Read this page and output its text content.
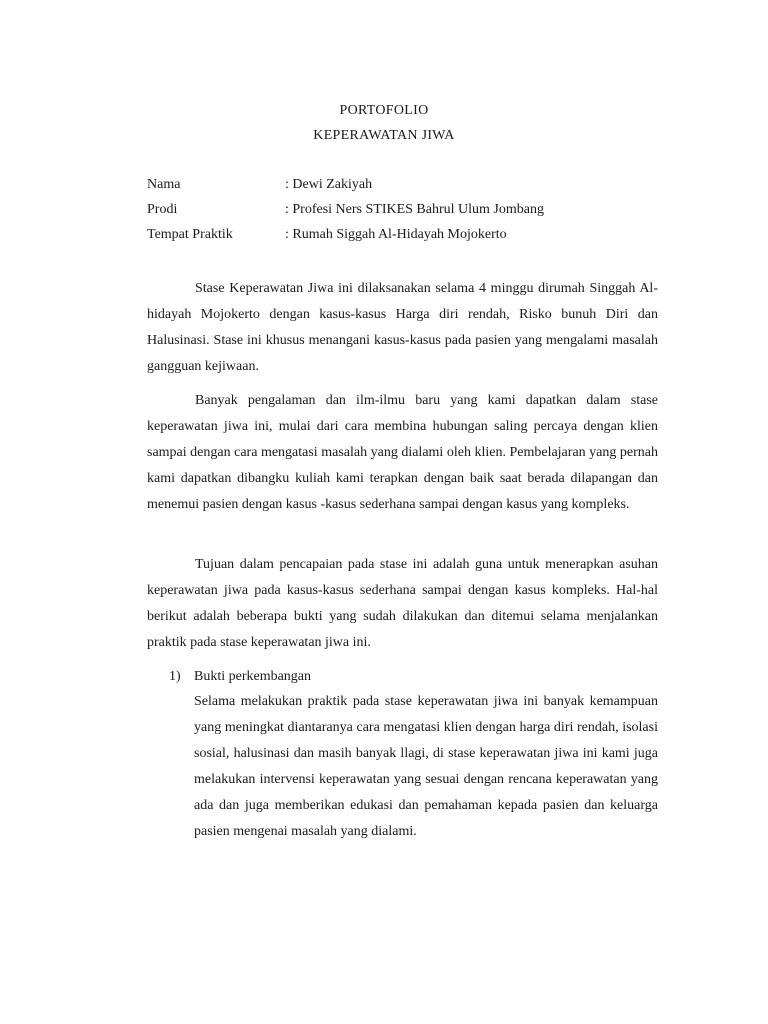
PORTOFOLIO
KEPERAWATAN JIWA
Nama	: Dewi Zakiyah
Prodi	: Profesi Ners STIKES Bahrul Ulum Jombang
Tempat Praktik	: Rumah Siggah Al-Hidayah Mojokerto

Stase Keperawatan Jiwa ini dilaksanakan selama 4 minggu dirumah Singgah Al-hidayah Mojokerto dengan kasus-kasus Harga diri rendah, Risko bunuh Diri dan Halusinasi. Stase ini khusus menangani kasus-kasus pada pasien yang mengalami masalah gangguan kejiwaan.

Banyak pengalaman dan ilm-ilmu baru yang kami dapatkan dalam stase keperawatan jiwa ini, mulai dari cara membina hubungan saling percaya dengan klien sampai dengan cara mengatasi masalah yang dialami oleh klien. Pembelajaran yang pernah kami dapatkan dibangku kuliah kami terapkan dengan baik saat berada dilapangan dan menemui pasien dengan kasus -kasus sederhana sampai dengan kasus yang kompleks.

Tujuan dalam pencapaian pada stase ini adalah guna untuk menerapkan asuhan keperawatan jiwa pada kasus-kasus sederhana sampai dengan kasus kompleks. Hal-hal berikut adalah beberapa bukti yang sudah dilakukan dan ditemui selama menjalankan praktik pada stase keperawatan jiwa ini.

1) Bukti perkembangan

Selama melakukan praktik pada stase keperawatan jiwa ini banyak kemampuan yang meningkat diantaranya cara mengatasi klien dengan harga diri rendah, isolasi sosial, halusinasi dan masih banyak llagi, di stase keperawatan jiwa ini kami juga melakukan intervensi keperawatan yang sesuai dengan rencana keperawatan yang ada dan juga memberikan edukasi dan pemahaman kepada pasien dan keluarga pasien mengenai masalah yang dialami.
